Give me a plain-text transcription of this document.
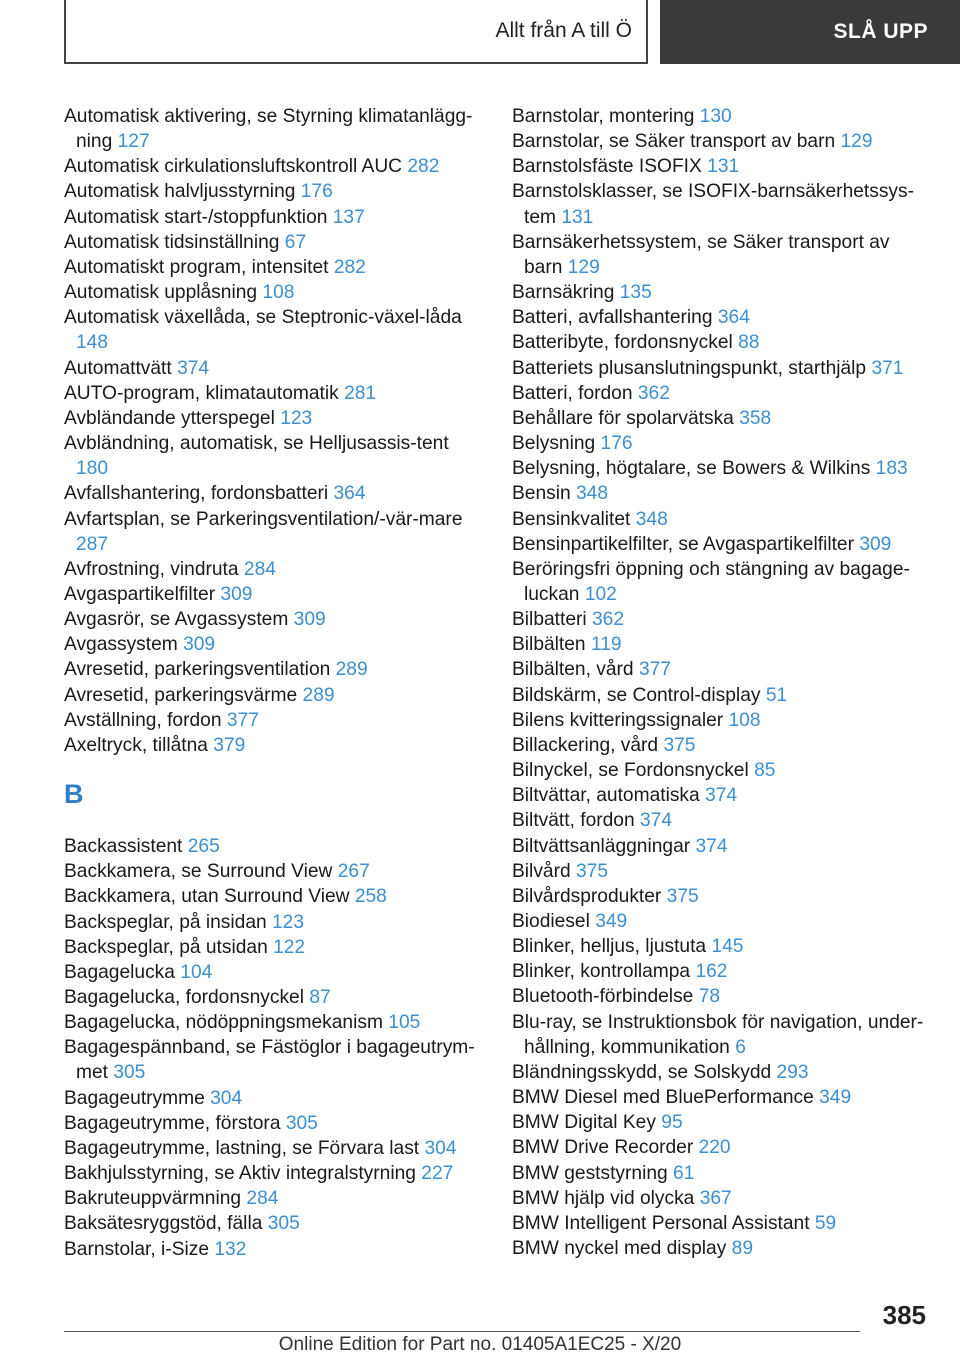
Allt från A till Ö	SLÅ UPP

Automatisk aktivering, se Styrning klimatanlägg-ning 127

Automatisk cirkulationsluftskontroll AUC 282

Automatisk halvljusstyrning 176

Automatisk start-/stoppfunktion 137

Automatisk tidsinställning 67

Automatiskt program, intensitet 282

Automatisk upplåsning 108

Automatisk växellåda, se Steptronic-växel-låda 148

Automattvätt 374

AUTO-program, klimatautomatik 281

Avbländande ytterspegel 123

Avbländning, automatisk, se Helljusassis-tent 180

Avfallshantering, fordonsbatteri 364

Avfartsplan, se Parkeringsventilation/-vär-mare 287

Avfrostning, vindruta 284

Avgaspartikelfilter 309

Avgasrör, se Avgassystem 309

Avgassystem 309

Avresetid, parkeringsventilation 289

Avresetid, parkeringsvärme 289

Avställning, fordon 377

Axeltryck, tillåtna 379

B

Backassistent 265

Backkamera, se Surround View 267

Backkamera, utan Surround View 258

Backspeglar, på insidan 123

Backspeglar, på utsidan 122

Bagagelucka 104

Bagagelucka, fordonsnyckel 87

Bagagelucka, nödöppningsmekanism 105

Bagagespännband, se Fästöglor i bagageutrym-met 305

Bagageutrymme 304

Bagageutrymme, förstora 305

Bagageutrymme, lastning, se Förvara last 304

Bakhjulsstyrning, se Aktiv integralstyrning 227

Bakruteuppvärmning 284

Baksätesryggstöd, fälla 305

Barnstolar, i-Size 132

Barnstolar, montering 130

Barnstolar, se Säker transport av barn 129

Barnstolsfäste ISOFIX 131

Barnstolsklasser, se ISOFIX-barnsäkerhetssys-tem 131

Barnsäkerhetssystem, se Säker transport av barn 129

Barnsäkring 135

Batteri, avfallshantering 364

Batteribyte, fordonsnyckel 88

Batteriets plusanslutningspunkt, starthjälp 371

Batteri, fordon 362

Behållare för spolarvätska 358

Belysning 176

Belysning, högtalare, se Bowers & Wilkins 183

Bensin 348

Bensinkvalitet 348

Bensinpartikelfilter, se Avgaspartikelfilter 309

Beröringsfri öppning och stängning av bagage-luckan 102

Bilbatteri 362

Bilbälten 119

Bilbälten, vård 377

Bildskärm, se Control-display 51

Bilens kvitteringssignaler 108

Billackering, vård 375

Bilnyckel, se Fordonsnyckel 85

Biltvättar, automatiska 374

Biltvätt, fordon 374

Biltvättsanläggningar 374

Bilvård 375

Bilvårdsprodukter 375

Biodiesel 349

Blinker, helljus, ljustuta 145

Blinker, kontrollampa 162

Bluetooth-förbindelse 78

Blu-ray, se Instruktionsbok för navigation, under-hållning, kommunikation 6

Bländningsskydd, se Solskydd 293

BMW Diesel med BluePerformance 349

BMW Digital Key 95

BMW Drive Recorder 220

BMW geststyrning 61

BMW hjälp vid olycka 367

BMW Intelligent Personal Assistant 59

BMW nyckel med display 89

385
Online Edition for Part no. 01405A1EC25 - X/20
